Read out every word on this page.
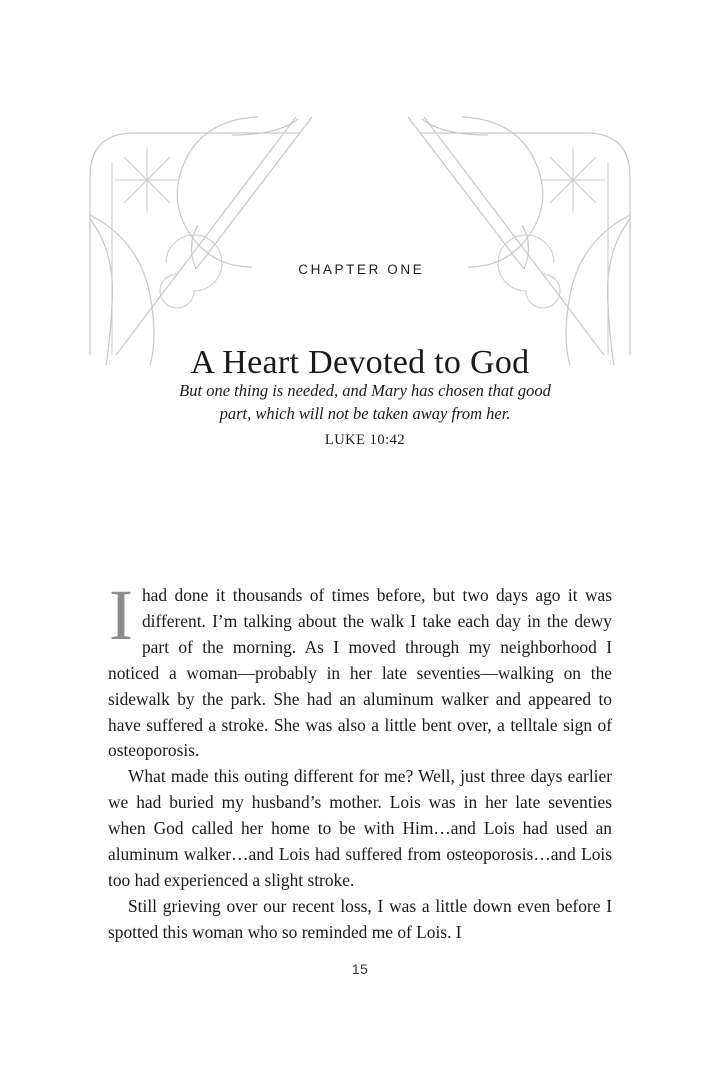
CHAPTER ONE
A Heart Devoted to God
But one thing is needed, and Mary has chosen that good part, which will not be taken away from her.
LUKE 10:42

Ihad done it thousands of times before, but two days ago it was different. I’m talking about the walk I take each day in the dewy part of the morning. As I moved through my neighborhood I noticed a woman—probably in her late seventies—walking on the sidewalk by the park. She had an aluminum walker and appeared to have suffered a stroke. She was also a little bent over, a telltale sign of osteoporosis.

What made this outing different for me? Well, just three days earlier we had buried my husband’s mother. Lois was in her late seventies when God called her home to be with Him…and Lois had used an aluminum walker…and Lois had suffered from osteoporosis…and Lois too had experienced a slight stroke.

Still grieving over our recent loss, I was a little down even before I spotted this woman who so reminded me of Lois. I

15
